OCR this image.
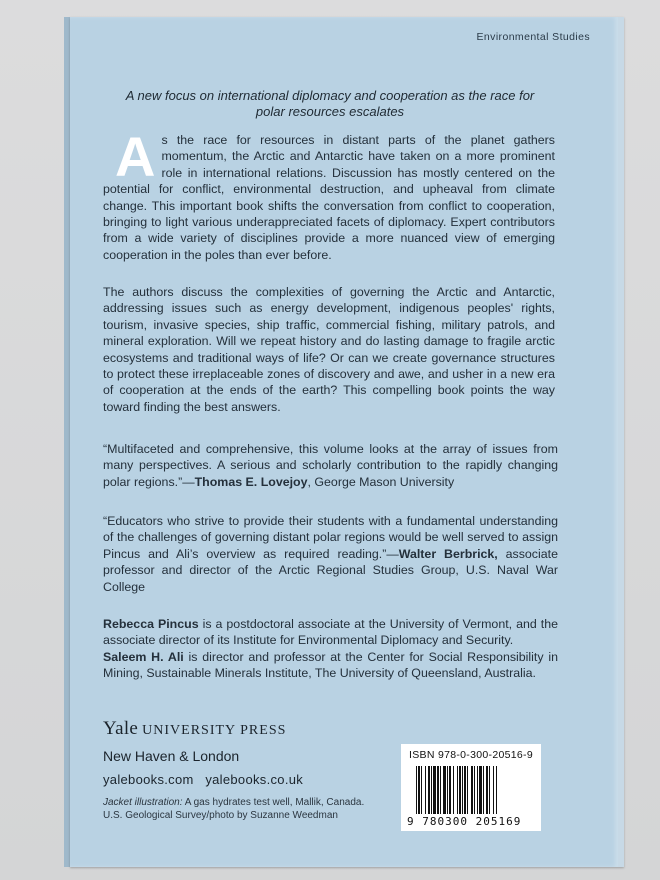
Environmental Studies
A new focus on international diplomacy and cooperation as the race for polar resources escalates
As the race for resources in distant parts of the planet gathers momentum, the Arctic and Antarctic have taken on a more prominent role in international relations. Discussion has mostly centered on the potential for conflict, environmental destruction, and upheaval from climate change. This important book shifts the conversation from conflict to cooperation, bringing to light various underappreciated facets of diplomacy. Expert contributors from a wide variety of disciplines provide a more nuanced view of emerging cooperation in the poles than ever before.
The authors discuss the complexities of governing the Arctic and Antarctic, addressing issues such as energy development, indigenous peoples' rights, tourism, invasive species, ship traffic, commercial fishing, military patrols, and mineral exploration. Will we repeat history and do lasting damage to fragile arctic ecosystems and traditional ways of life? Or can we create governance structures to protect these irreplaceable zones of discovery and awe, and usher in a new era of cooperation at the ends of the earth? This compelling book points the way toward finding the best answers.
“Multifaceted and comprehensive, this volume looks at the array of issues from many perspectives. A serious and scholarly contribution to the rapidly changing polar regions.”—Thomas E. Lovejoy, George Mason University
“Educators who strive to provide their students with a fundamental understanding of the challenges of governing distant polar regions would be well served to assign Pincus and Ali’s overview as required reading.”—Walter Berbrick, associate professor and director of the Arctic Regional Studies Group, U.S. Naval War College
Rebecca Pincus is a postdoctoral associate at the University of Vermont, and the associate director of its Institute for Environmental Diplomacy and Security.
Saleem H. Ali is director and professor at the Center for Social Responsibility in Mining, Sustainable Minerals Institute, The University of Queensland, Australia.
Yale UNIVERSITY PRESS
New Haven & London
yalebooks.com   yalebooks.co.uk
Jacket illustration: A gas hydrates test well, Mallik, Canada.
U.S. Geological Survey/photo by Suzanne Weedman
ISBN 978-0-300-20516-9
9 780300 205169
